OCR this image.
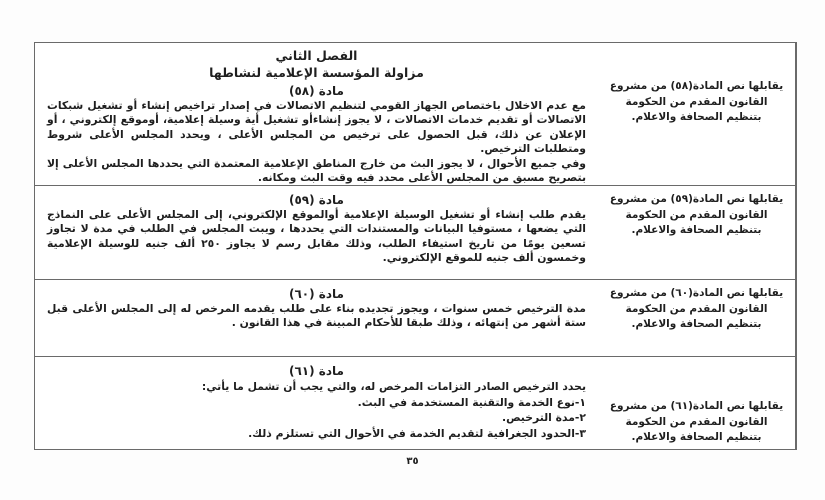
الفصل الثاني
مزاولة المؤسسة الإعلامية لنشاطها
مادة (٥٨)

مع عدم الاخلال باختصاص الجهاز القومي لتنظيم الاتصالات في إصدار تراخيص إنشاء أو تشغيل شبكات الاتصالات أو تقديم خدمات الاتصالات ، لا يجوز إنشاءأو تشغيل أية وسيلة إعلامية، أوموقع إلكتروني ، أو الإعلان عن ذلك، قبل الحصول على ترخيص من المجلس الأعلى ، ويحدد المجلس الأعلى شروط ومتطلبات الترخيص.

وفي جميع الأحوال ، لا يجوز البث من خارج المناطق الإعلامية المعتمدة التي يحددها المجلس الأعلى إلا بتصريح مسبق من المجلس الأعلى محدد فيه وقت البث ومكانه.

يقابلها نص المادة(٥٨) من مشروع القانون المقدم من الحكومة بتنظيم الصحافة والاعلام.

مادة (٥٩)

يقدم طلب إنشاء أو تشغيل الوسيلة الإعلامية أوالموقع الإلكتروني، إلى المجلس الأعلى على النماذج التي يضعها ، مستوفيا البيانات والمستندات التي يحددها ، ويبت المجلس في الطلب في مدة لا تجاوز تسعين يومًا من تاريخ استيفاء الطلب، وذلك مقابل رسم لا يجاوز ٢٥٠ ألف جنيه للوسيلة الإعلامية وخمسون ألف جنيه للموقع الإلكتروني.

يقابلها نص المادة(٥٩) من مشروع القانون المقدم من الحكومة بتنظيم الصحافة والاعلام.

مادة (٦٠)

مدة الترخيص خمس سنوات ، ويجوز تجديده بناء على طلب يقدمه المرخص له إلى المجلس الأعلى قبل ستة أشهر من إنتهائه ، وذلك طبقا للأحكام المبينة في هذا القانون .

يقابلها نص المادة(٦٠) من مشروع القانون المقدم من الحكومة بتنظيم الصحافة والاعلام.

مادة (٦١)

يحدد الترخيص الصادر التزامات المرخص له، والتي يجب أن تشمل ما يأتي:

١-نوع الخدمة والتقنية المستخدمة في البث.

٢-مدة الترخيص.

٣-الحدود الجغرافية لتقديم الخدمة في الأحوال التي تستلزم ذلك.

يقابلها نص المادة(٦١) من مشروع القانون المقدم من الحكومة بتنظيم الصحافة والاعلام.

٣٥
